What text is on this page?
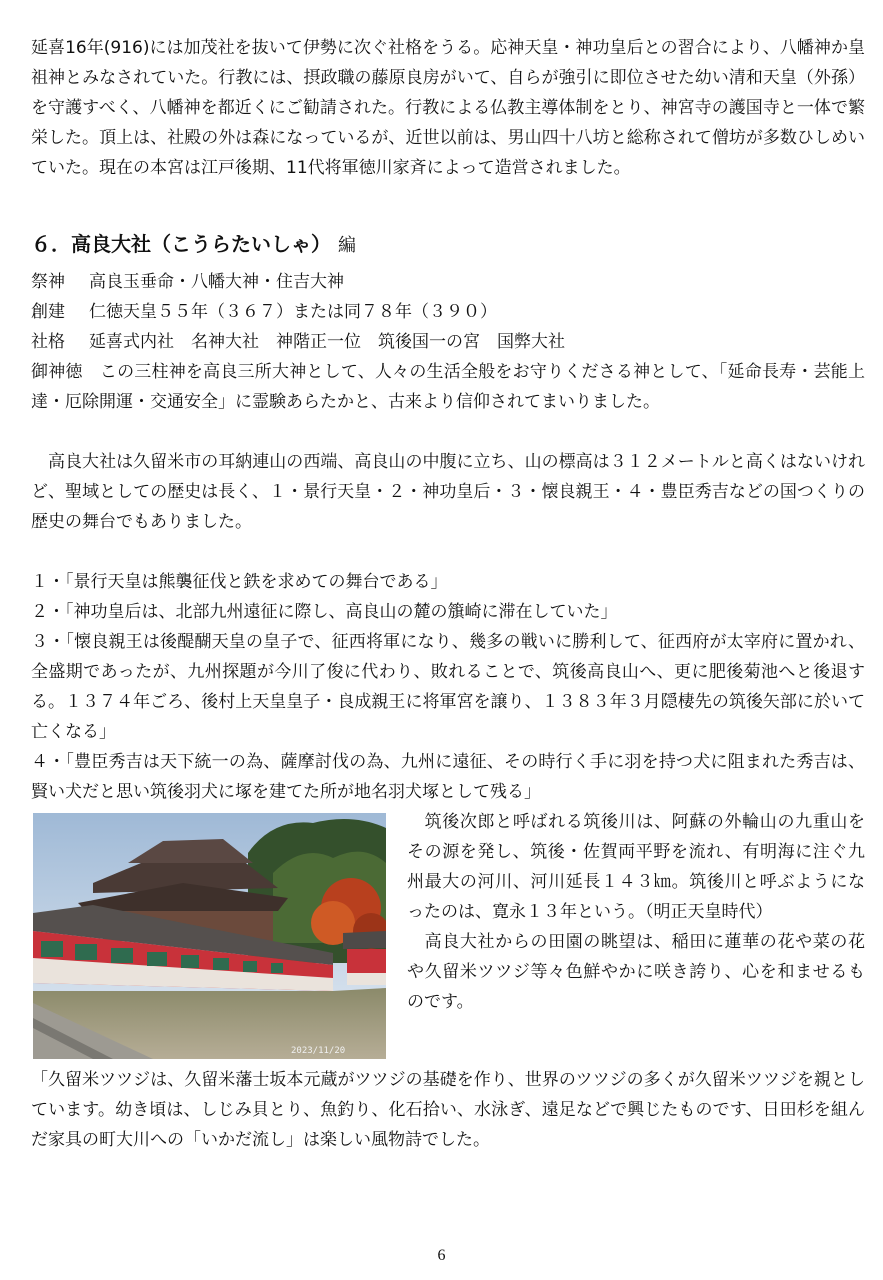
延喜16年(916)には加茂社を抜いて伊勢に次ぐ社格をうる。応神天皇・神功皇后との習合により、八幡神か皇祖神とみなされていた。行教には、摂政職の藤原良房がいて、自らが強引に即位させた幼い清和天皇（外孫）を守護すべく、八幡神を都近くにご勧請された。行教による仏教主導体制をとり、神宮寺の護国寺と一体で繁栄した。頂上は、社殿の外は森になっているが、近世以前は、男山四十八坊と総称されて僧坊が多数ひしめいていた。現在の本宮は江戸後期、11代将軍徳川家斉によって造営されました。

６．高良大社（こうらたいしゃ） 編

祭神 高良玉垂命・八幡大神・住吉大神

創建 仁徳天皇５５年（３６７）または同７８年（３９０）

社格 延喜式内社　名神大社　神階正一位　筑後国一の宮　国弊大社

御神徳　 この三柱神を高良三所大神として、人々の生活全般をお守りくださる神として、「延命長寿・芸能上達・厄除開運・交通安全」に霊験あらたかと、古来より信仰されてまいりました。

　高良大社は久留米市の耳納連山の西端、高良山の中腹に立ち、山の標高は３１２メートルと高くはないけれど、聖域としての歴史は長く、１・景行天皇・２・神功皇后・３・懐良親王・４・豊臣秀吉などの国つくりの歴史の舞台でもありました。

１・「景行天皇は熊襲征伐と鉄を求めての舞台である」

２・「神功皇后は、北部九州遠征に際し、高良山の麓の籏崎に滞在していた」

３・「懐良親王は後醍醐天皇の皇子で、征西将軍になり、幾多の戦いに勝利して、征西府が太宰府に置かれ、全盛期であったが、九州探題が今川了俊に代わり、敗れることで、筑後高良山へ、更に肥後菊池へと後退する。１３７４年ごろ、後村上天皇皇子・良成親王に将軍宮を譲り、１３８３年３月隠棲先の筑後矢部に於いて亡くなる」

４・「豊臣秀吉は天下統一の為、薩摩討伐の為、九州に遠征、その時行く手に羽を持つ犬に阻まれた秀吉は、賢い犬だと思い筑後羽犬に塚を建てた所が地名羽犬塚として残る」

2023/11/20

　筑後次郎と呼ばれる筑後川は、阿蘇の外輪山の九重山をその源を発し、筑後・佐賀両平野を流れ、有明海に注ぐ九州最大の河川、河川延長１４３㎞。筑後川と呼ぶようになったのは、寛永１３年という。（明正天皇時代）

　高良大社からの田園の眺望は、稲田に蓮華の花や菜の花や久留米ツツジ等々色鮮やかに咲き誇り、心を和ませるものです。

「久留米ツツジは、久留米藩士坂本元蔵がツツジの基礎を作り、世界のツツジの多くが久留米ツツジを親としています。幼き頃は、しじみ貝とり、魚釣り、化石拾い、水泳ぎ、遠足などで興じたものです、日田杉を組んだ家具の町大川への「いかだ流し」は楽しい風物詩でした。

6
